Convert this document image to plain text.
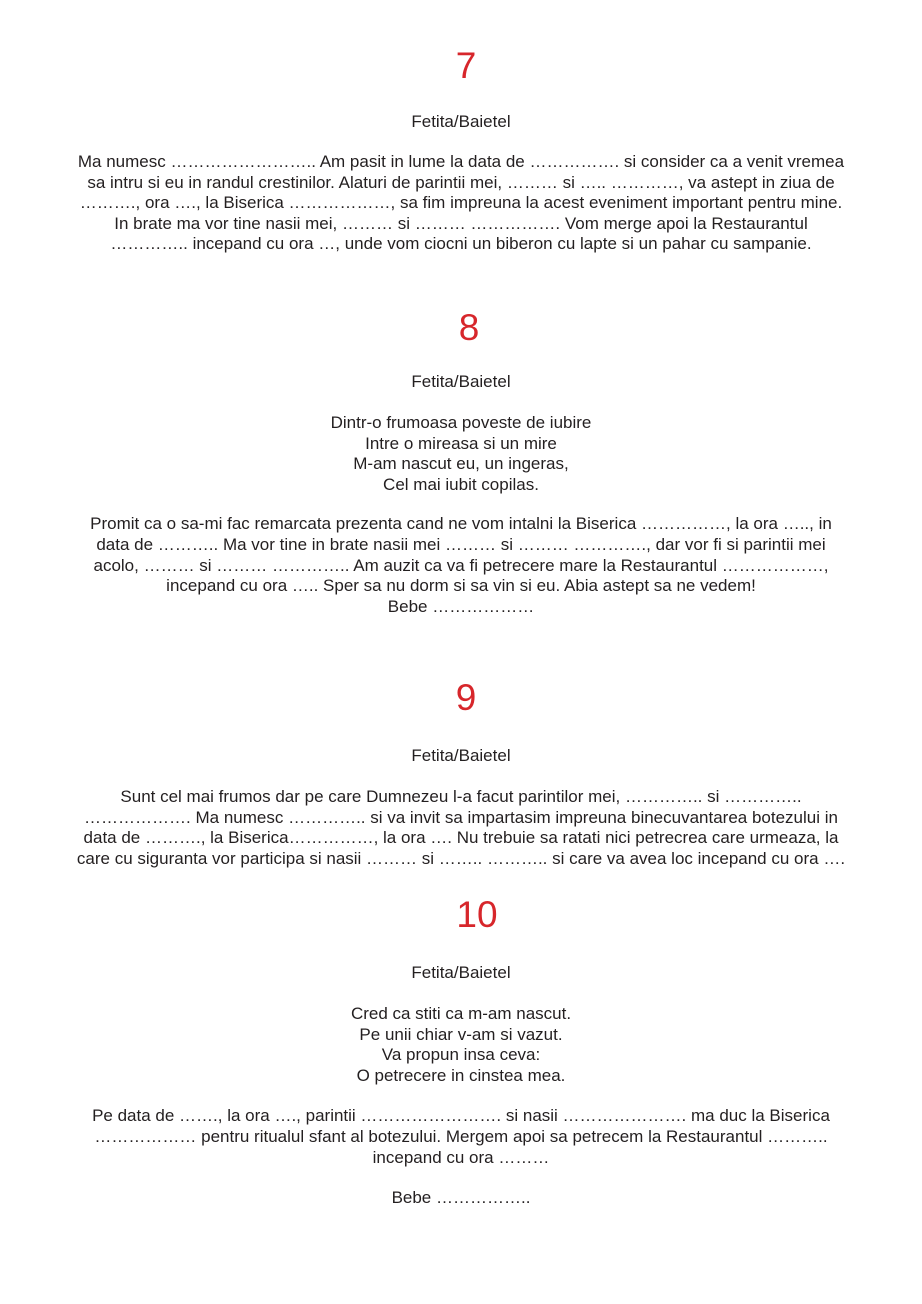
7

Fetita/Baietel

Ma numesc …………………….. Am pasit in lume la data de ……………. si consider ca a venit vremea
sa intru si eu in randul crestinilor. Alaturi de parintii mei, ……… si ….. …………, va astept in ziua de
………., ora …., la Biserica ………………, sa fim impreuna la acest eveniment important pentru mine.
In brate ma vor tine nasii mei, ……… si ……… ……………. Vom merge apoi la Restaurantul
………….. incepand cu ora …, unde vom ciocni un biberon cu lapte si un pahar cu sampanie.

8

Fetita/Baietel

Dintr-o frumoasa poveste de iubire
Intre o mireasa si un mire
M-am nascut eu, un ingeras,
Cel mai iubit copilas.

Promit ca o sa-mi fac remarcata prezenta cand ne vom intalni la Biserica ……………, la ora ….., in
data de ……….. Ma vor tine in brate nasii mei ……… si ……… …………., dar vor fi si parintii mei
acolo, ……… si ……… ………….. Am auzit ca va fi petrecere mare la Restaurantul ………………,
incepand cu ora ….. Sper sa nu dorm si sa vin si eu. Abia astept sa ne vedem!
Bebe ………………

9

Fetita/Baietel

Sunt cel mai frumos dar pe care Dumnezeu l-a facut parintilor mei, ………….. si …………..
………………. Ma numesc ………….. si va invit sa impartasim impreuna binecuvantarea botezului in
data de ………., la Biserica……………, la ora …. Nu trebuie sa ratati nici petrecrea care urmeaza, la
care cu siguranta vor participa si nasii ……… si …….. ……….. si care va avea loc incepand cu ora ….

10

Fetita/Baietel

Cred ca stiti ca m-am nascut.
Pe unii chiar v-am si vazut.
Va propun insa ceva:
O petrecere in cinstea mea.

Pe data de ……., la ora …., parintii ……………………. si nasii …………………. ma duc la Biserica
……………… pentru ritualul sfant al botezului. Mergem apoi sa petrecem la Restaurantul ………..
incepand cu ora ………

Bebe ……………..
